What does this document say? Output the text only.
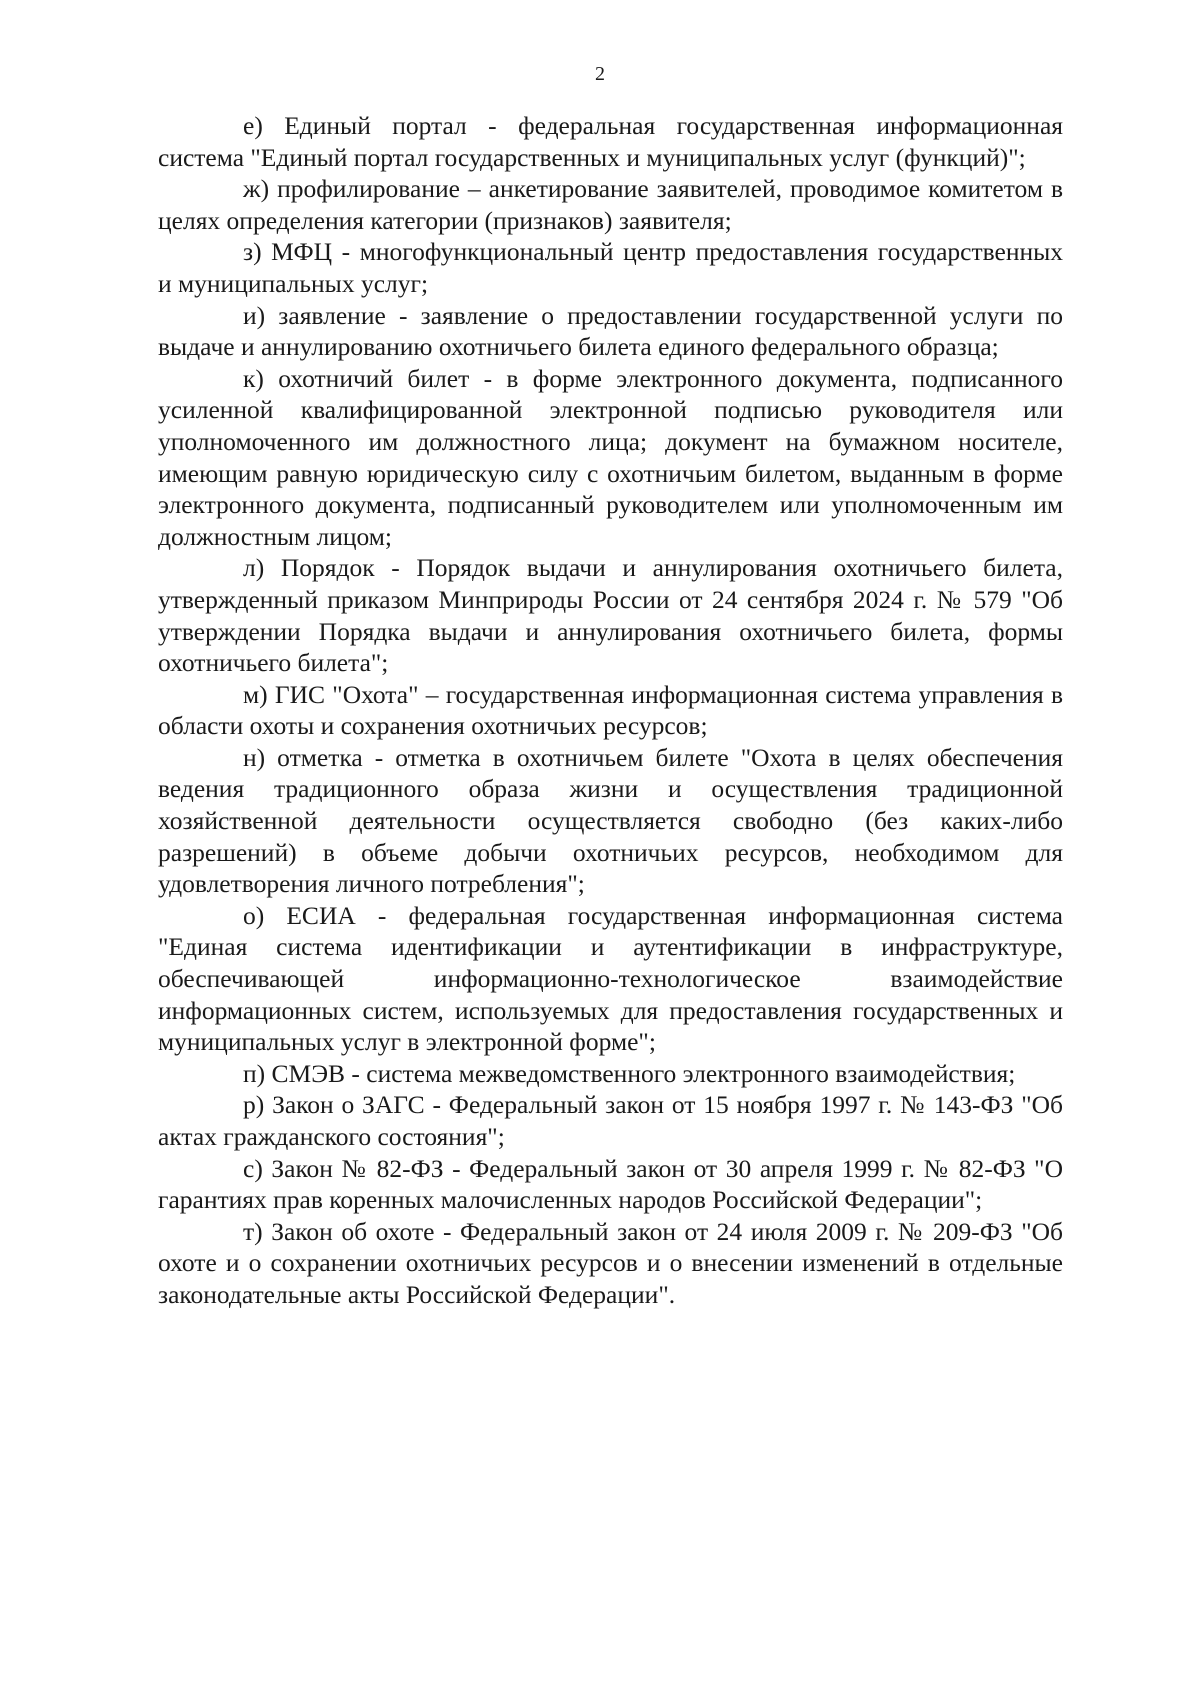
2

е) Единый портал - федеральная государственная информационная система "Единый портал государственных и муниципальных услуг (функций)";

ж) профилирование – анкетирование заявителей, проводимое комитетом в целях определения категории (признаков) заявителя;

з) МФЦ - многофункциональный центр предоставления государственных и муниципальных услуг;

и) заявление - заявление о предоставлении государственной услуги по выдаче и аннулированию охотничьего билета единого федерального образца;

к) охотничий билет - в форме электронного документа, подписанного усиленной квалифицированной электронной подписью руководителя или уполномоченного им должностного лица; документ на бумажном носителе, имеющим равную юридическую силу с охотничьим билетом, выданным в форме электронного документа, подписанный руководителем или уполномоченным им должностным лицом;

л) Порядок - Порядок выдачи и аннулирования охотничьего билета, утвержденный приказом Минприроды России от 24 сентября 2024 г. № 579 "Об утверждении Порядка выдачи и аннулирования охотничьего билета, формы охотничьего билета";

м) ГИС "Охота" – государственная информационная система управления в области охоты и сохранения охотничьих ресурсов;

н) отметка - отметка в охотничьем билете "Охота в целях обеспечения ведения традиционного образа жизни и осуществления традиционной хозяйственной деятельности осуществляется свободно (без каких-либо разрешений) в объеме добычи охотничьих ресурсов, необходимом для удовлетворения личного потребления";

о) ЕСИА - федеральная государственная информационная система "Единая система идентификации и аутентификации в инфраструктуре, обеспечивающей информационно-технологическое взаимодействие информационных систем, используемых для предоставления государственных и муниципальных услуг в электронной форме";

п) СМЭВ - система межведомственного электронного взаимодействия;

р) Закон о ЗАГС - Федеральный закон от 15 ноября 1997 г. № 143-ФЗ "Об актах гражданского состояния";

с) Закон № 82-ФЗ - Федеральный закон от 30 апреля 1999 г. № 82-ФЗ "О гарантиях прав коренных малочисленных народов Российской Федерации";

т) Закон об охоте - Федеральный закон от 24 июля 2009 г. № 209-ФЗ "Об охоте и о сохранении охотничьих ресурсов и о внесении изменений в отдельные законодательные акты Российской Федерации".
